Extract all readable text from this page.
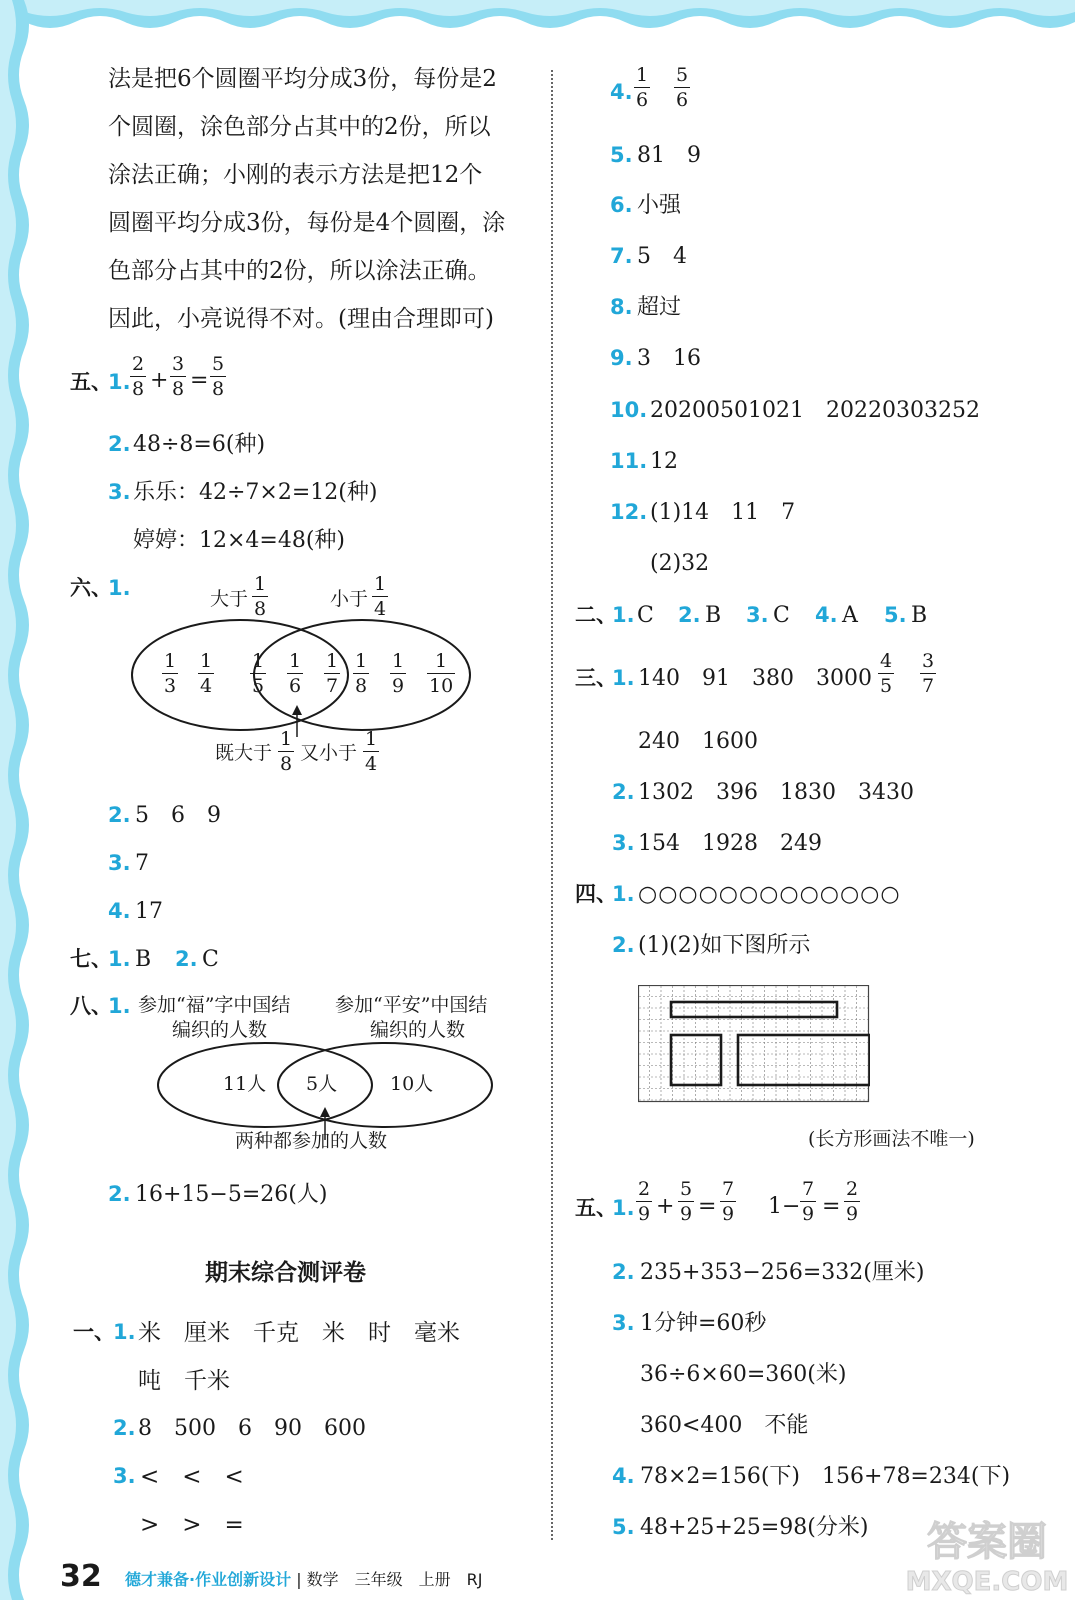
法是把6个圆圈平均分成3份，每份是2
个圆圈，涂色部分占其中的2份，所以
涂法正确；小刚的表示方法是把12个
圆圈平均分成3份，每份是4个圆圈，涂
色部分占其中的2份，所以涂法正确。
因此，小亮说得不对。(理由合理即可)
五、
1. $\frac{2}{8} + \frac{3}{8} = \frac{5}{8}$
2. 48÷8=6(种)
3. 乐乐：42÷7×2=12(种)
婷婷：12×4=48(种)
六、
1.	大于 $\frac{1}{8}$	小于 $\frac{1}{4}$
$\frac{1}{3} \frac{1}{4} \frac{1}{5} \frac{1}{6} \frac{1}{7} \frac{1}{8} \frac{1}{9} \frac{1}{10}$
既大于 $\frac{1}{8}$ 又小于 $\frac{1}{4}$
2. 5　6　9
3. 7
4. 17
七、
1. B 2. C
八、
1. 参加“福”字中国结
编织的人数
参加“平安”中国结
编织的人数
11人 5人	10人
两种都参加的人数
2. 16+15−5=26(人)
期末综合测评卷
一、
1. 米　厘米　千克　米　时　毫米
吨　千米
2. 8　500　6　90　600
3. <　<　<
>　>　=
4. $\frac{1}{6} \frac{5}{6}$
5. 81　9
6. 小强
7. 5　4
8. 超过
9. 3　16
10. 20200501021　20220303252
11. 12
12. (1)14　11　7
(2)32
二、
1. C 2. B 3. C 4. A 5. B
三、
1. 140　91　380　$3000 \frac{4}{5} \frac{3}{7}$
240　1600
2. 1302　396　1830　3430
3. 154　1928　249
四、
1. ○○○○○○○○○○○○○
2. (1)(2)如下图所示
(长方形画法不唯一)
五、
1. $\frac{2}{9} + \frac{5}{9} = \frac{7}{9} 1- \frac{7}{9} = \frac{2}{9}$
2. 235+353−256=332(厘米)
3. 1分钟=60秒
36÷6×60=360(米)
360<400　不能
4. 78×2=156(下)　156+78=234(下)
5. 48+25+25=98(分米)
32 德才兼备·作业创新设计 | 数学　三年级　上册　RJ
答案圈
MXQE.COM
